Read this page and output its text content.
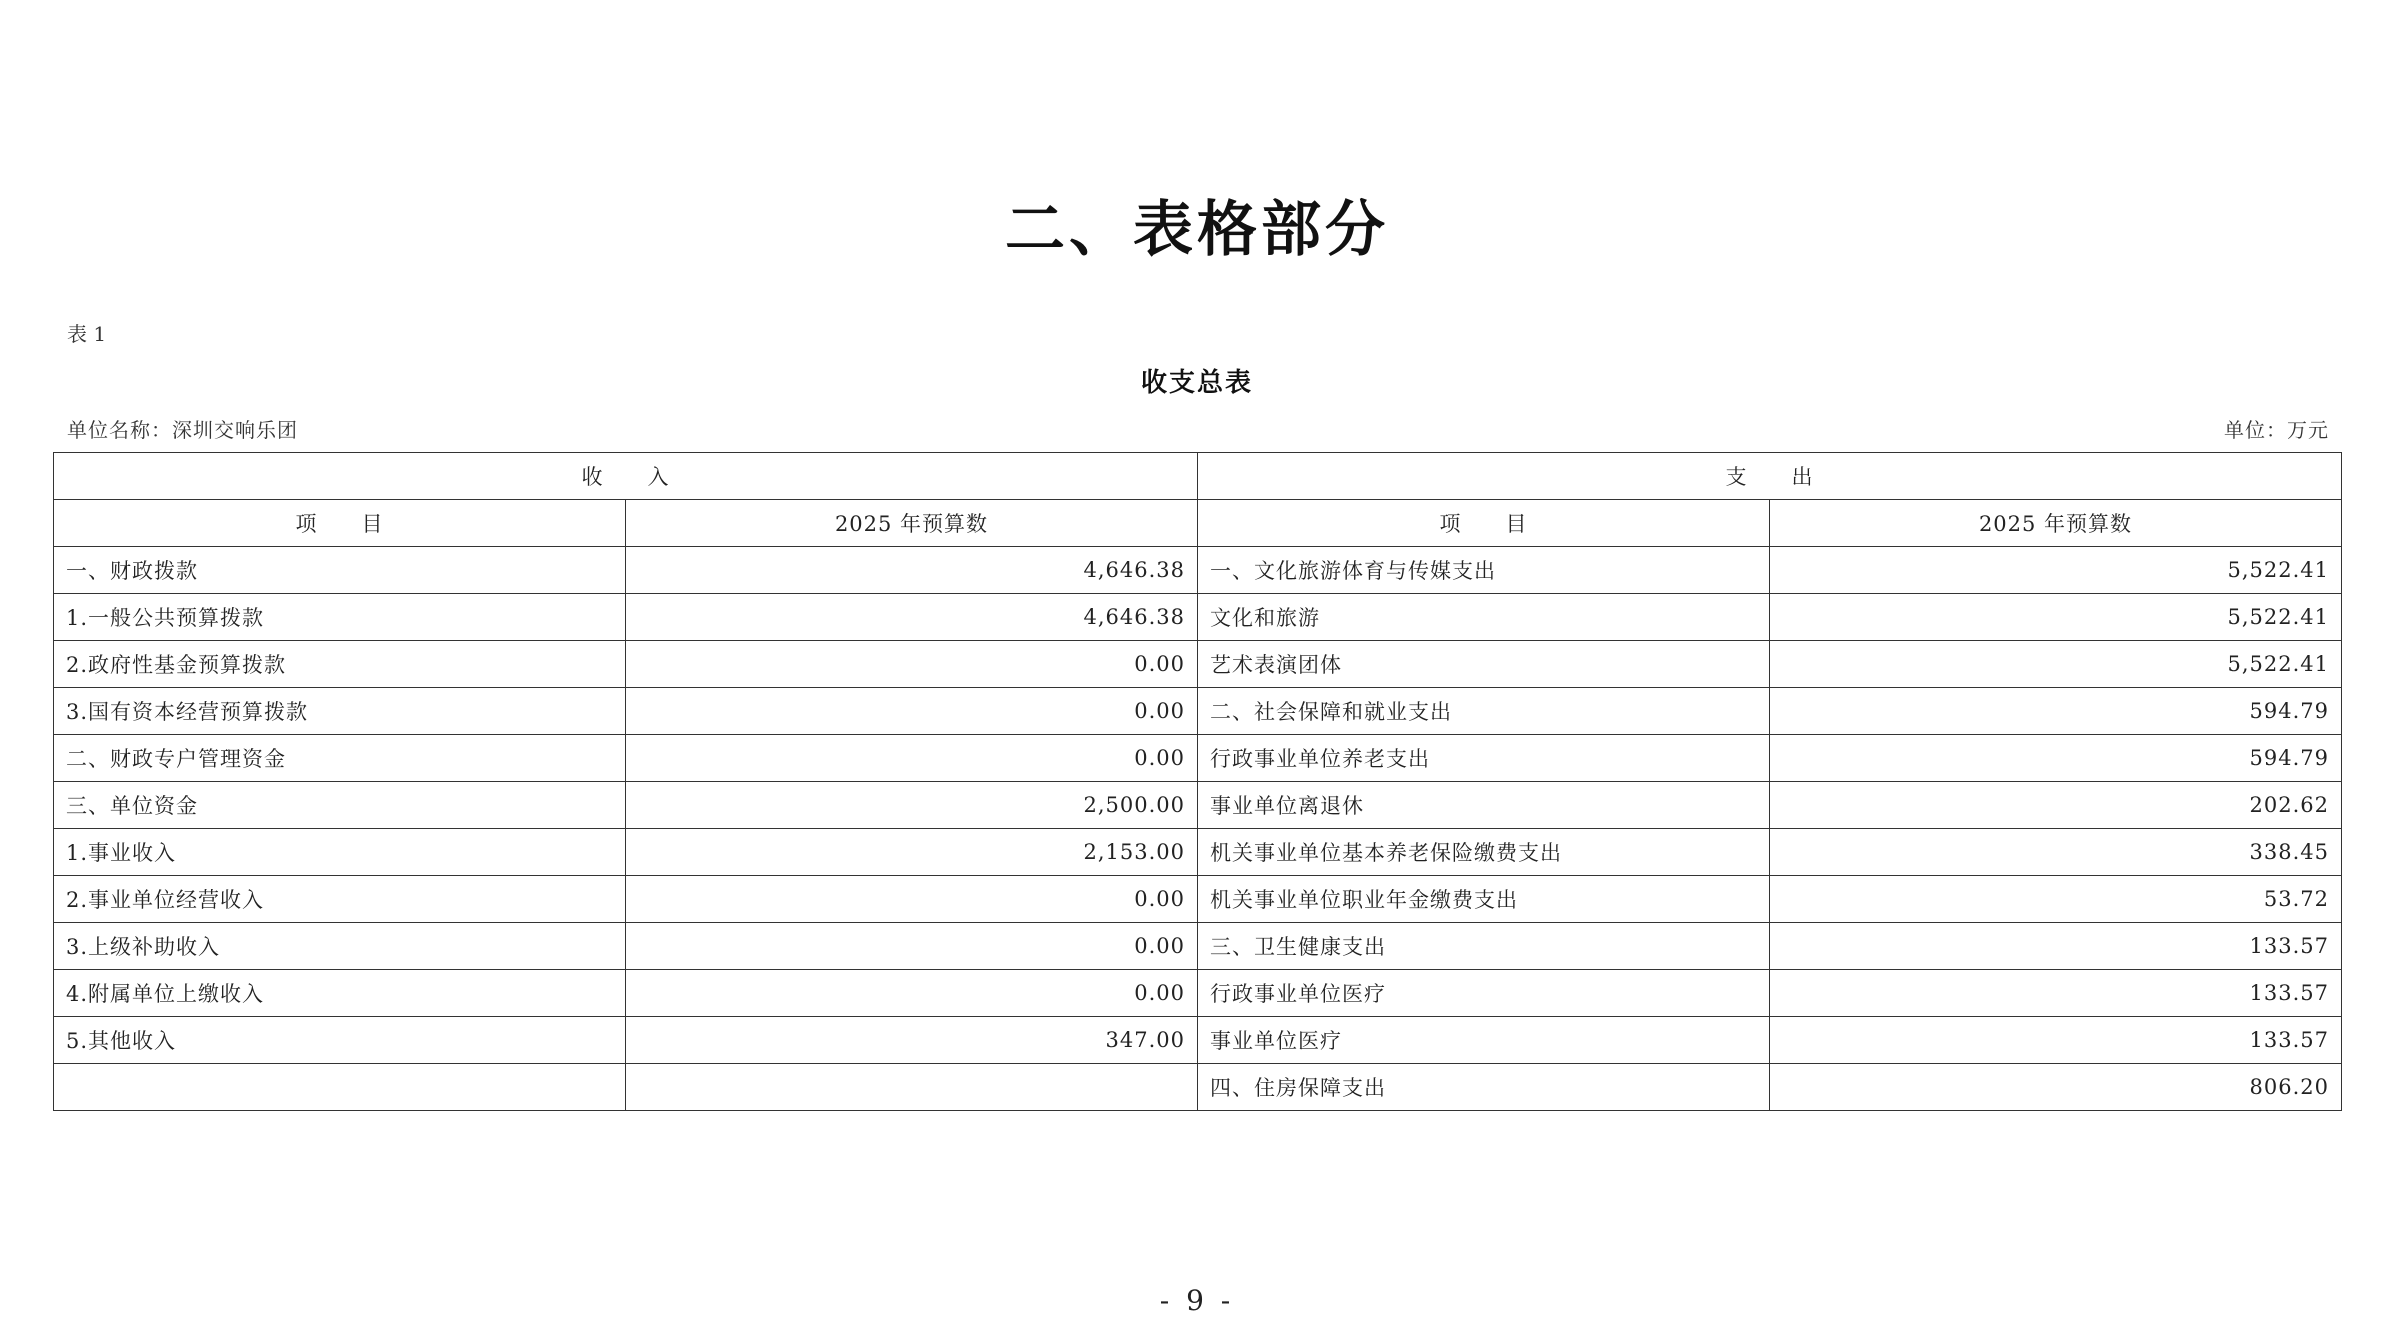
二、表格部分
表 1
收支总表
单位名称：深圳交响乐团	单位：万元
收　　入		支　　出	
项　　目	2025 年预算数	项　　目	2025 年预算数
一、财政拨款	4,646.38	一、文化旅游体育与传媒支出	5,522.41
1.一般公共预算拨款	4,646.38	文化和旅游	5,522.41
2.政府性基金预算拨款	0.00	艺术表演团体	5,522.41
3.国有资本经营预算拨款	0.00	二、社会保障和就业支出	594.79
二、财政专户管理资金	0.00	行政事业单位养老支出	594.79
三、单位资金	2,500.00	事业单位离退休	202.62
1.事业收入	2,153.00	机关事业单位基本养老保险缴费支出	338.45
2.事业单位经营收入	0.00	机关事业单位职业年金缴费支出	53.72
3.上级补助收入	0.00	三、卫生健康支出	133.57
4.附属单位上缴收入	0.00	行政事业单位医疗	133.57
5.其他收入	347.00	事业单位医疗	133.57
		四、住房保障支出	806.20
- 9 -
